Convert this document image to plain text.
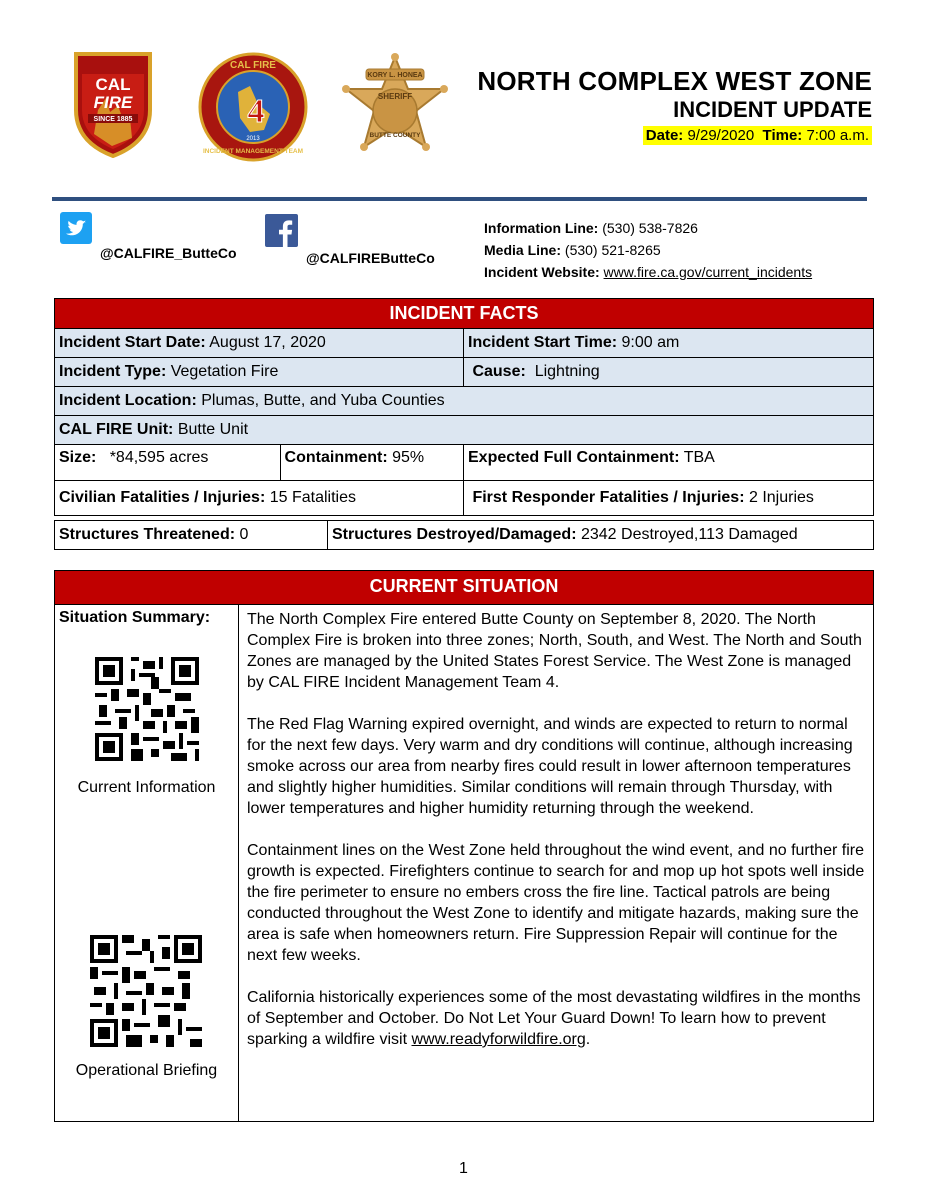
CAL
FIRE
SINCE 1885
CAL FIRE
4
2013
INCIDENT MANAGEMENT TEAM
KORY L. HONEA
SHERIFF
BUTTE COUNTY
NORTH COMPLEX WEST ZONE
INCIDENT UPDATE
Date: 9/29/2020 Time: 7:00 a.m.
@CALFIRE_ButteCo	@CALFIREButteCo
Information Line: (530) 538-7826
Media Line: (530) 521-8265
Incident Website: www.fire.ca.gov/current_incidents
INCIDENT FACTS		
Incident Start Date: August 17, 2020		Incident Start Time: 9:00 am
Incident Type: Vegetation Fire		Cause: Lightning
Incident Location: Plumas, Butte, and Yuba Counties		
CAL FIRE Unit: Butte Unit		
Size: *84,595 acres	Containment: 95%	Expected Full Containment: TBA
Civilian Fatalities / Injuries: 15 Fatalities		First Responder Fatalities / Injuries: 2 Injuries
Structures Threatened: 0	Structures Destroyed/Damaged: 2342 Destroyed,113 Damaged
CURRENT SITUATION
Situation Summary:
Current Information
Operational Briefing

The North Complex Fire entered Butte County on September 8, 2020. The North Complex Fire is broken into three zones; North, South, and West. The North and South Zones are managed by the United States Forest Service. The West Zone is managed by CAL FIRE Incident Management Team 4.

The Red Flag Warning expired overnight, and winds are expected to return to normal for the next few days. Very warm and dry conditions will continue, although increasing smoke across our area from nearby fires could result in lower afternoon temperatures and slightly higher humidities. Similar conditions will remain through Thursday, with lower temperatures and higher humidity returning through the weekend.

Containment lines on the West Zone held throughout the wind event, and no further fire growth is expected. Firefighters continue to search for and mop up hot spots well inside the fire perimeter to ensure no embers cross the fire line. Tactical patrols are being conducted throughout the West Zone to identify and mitigate hazards, making sure the area is safe when homeowners return. Fire Suppression Repair will continue for the next few weeks.

California historically experiences some of the most devastating wildfires in the months of September and October. Do Not Let Your Guard Down! To learn how to prevent sparking a wildfire visit www.readyforwildfire.org.

1
